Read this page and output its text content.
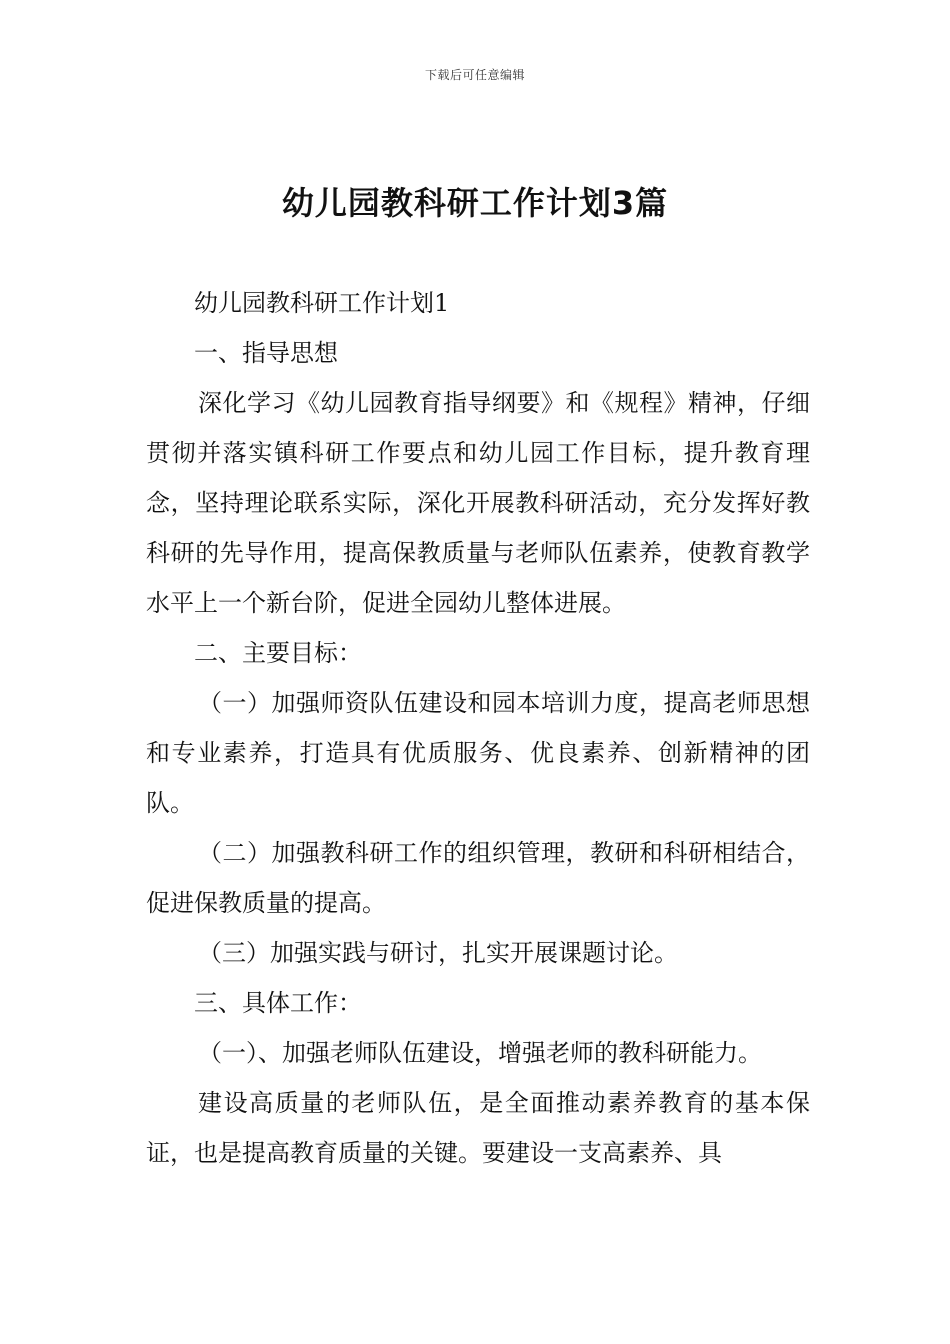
下载后可任意编辑
幼儿园教科研工作计划3篇

幼儿园教科研工作计划1

一、指导思想

深化学习《幼儿园教育指导纲要》和《规程》精神，仔细贯彻并落实镇科研工作要点和幼儿园工作目标，提升教育理念，坚持理论联系实际，深化开展教科研活动，充分发挥好教科研的先导作用，提高保教质量与老师队伍素养，使教育教学水平上一个新台阶，促进全园幼儿整体进展。

二、主要目标：

（一）加强师资队伍建设和园本培训力度，提高老师思想和专业素养，打造具有优质服务、优良素养、创新精神的团队。

（二）加强教科研工作的组织管理，教研和科研相结合，促进保教质量的提高。

（三）加强实践与研讨，扎实开展课题讨论。

三、具体工作：

（一）、加强老师队伍建设，增强老师的教科研能力。

建设高质量的老师队伍，是全面推动素养教育的基本保证，也是提高教育质量的关键。要建设一支高素养、具
